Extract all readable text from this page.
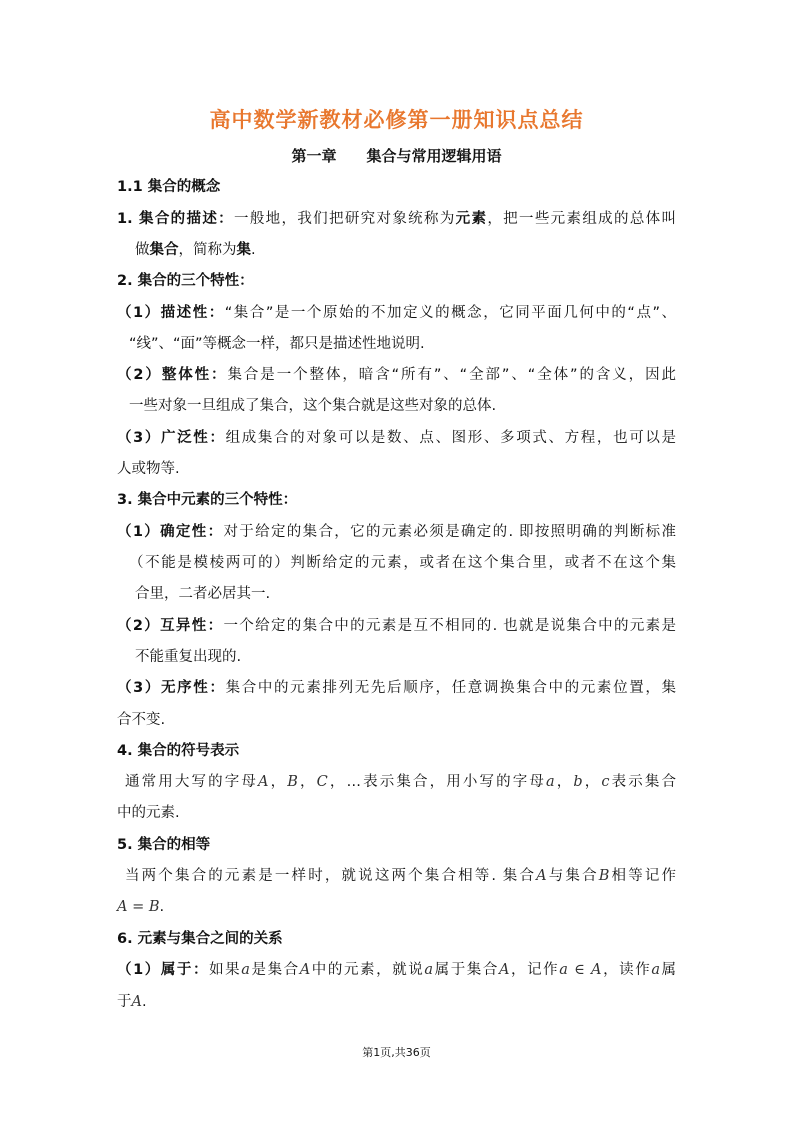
高中数学新教材必修第一册知识点总结
第一章 集合与常用逻辑用语
1.1 集合的概念
1. 集合的描述：一般地，我们把研究对象统称为元素，把一些元素组成的总体叫
做集合，简称为集.
2. 集合的三个特性：
（1）描述性：“集合”是一个原始的不加定义的概念，它同平面几何中的“点”、
“线”、“面”等概念一样，都只是描述性地说明.
（2）整体性：集合是一个整体，暗含“所有”、“全部”、“全体”的含义，因此
一些对象一旦组成了集合，这个集合就是这些对象的总体.
（3）广泛性：组成集合的对象可以是数、点、图形、多项式、方程，也可以是
人或物等.
3. 集合中元素的三个特性：
（1）确定性：对于给定的集合，它的元素必须是确定的. 即按照明确的判断标准
（不能是模棱两可的）判断给定的元素，或者在这个集合里，或者不在这个集
合里，二者必居其一.
（2）互异性：一个给定的集合中的元素是互不相同的. 也就是说集合中的元素是
不能重复出现的.
（3）无序性：集合中的元素排列无先后顺序，任意调换集合中的元素位置，集
合不变.
4. 集合的符号表示
通常用大写的字母A，B，C，…表示集合，用小写的字母a，b，c表示集合
中的元素.
5. 集合的相等
当两个集合的元素是一样时，就说这两个集合相等. 集合A与集合B相等记作
A = B.
6. 元素与集合之间的关系
（1）属于：如果a是集合A中的元素，就说a属于集合A，记作a ∈ A，读作a属
于A.
第1页,共36页
